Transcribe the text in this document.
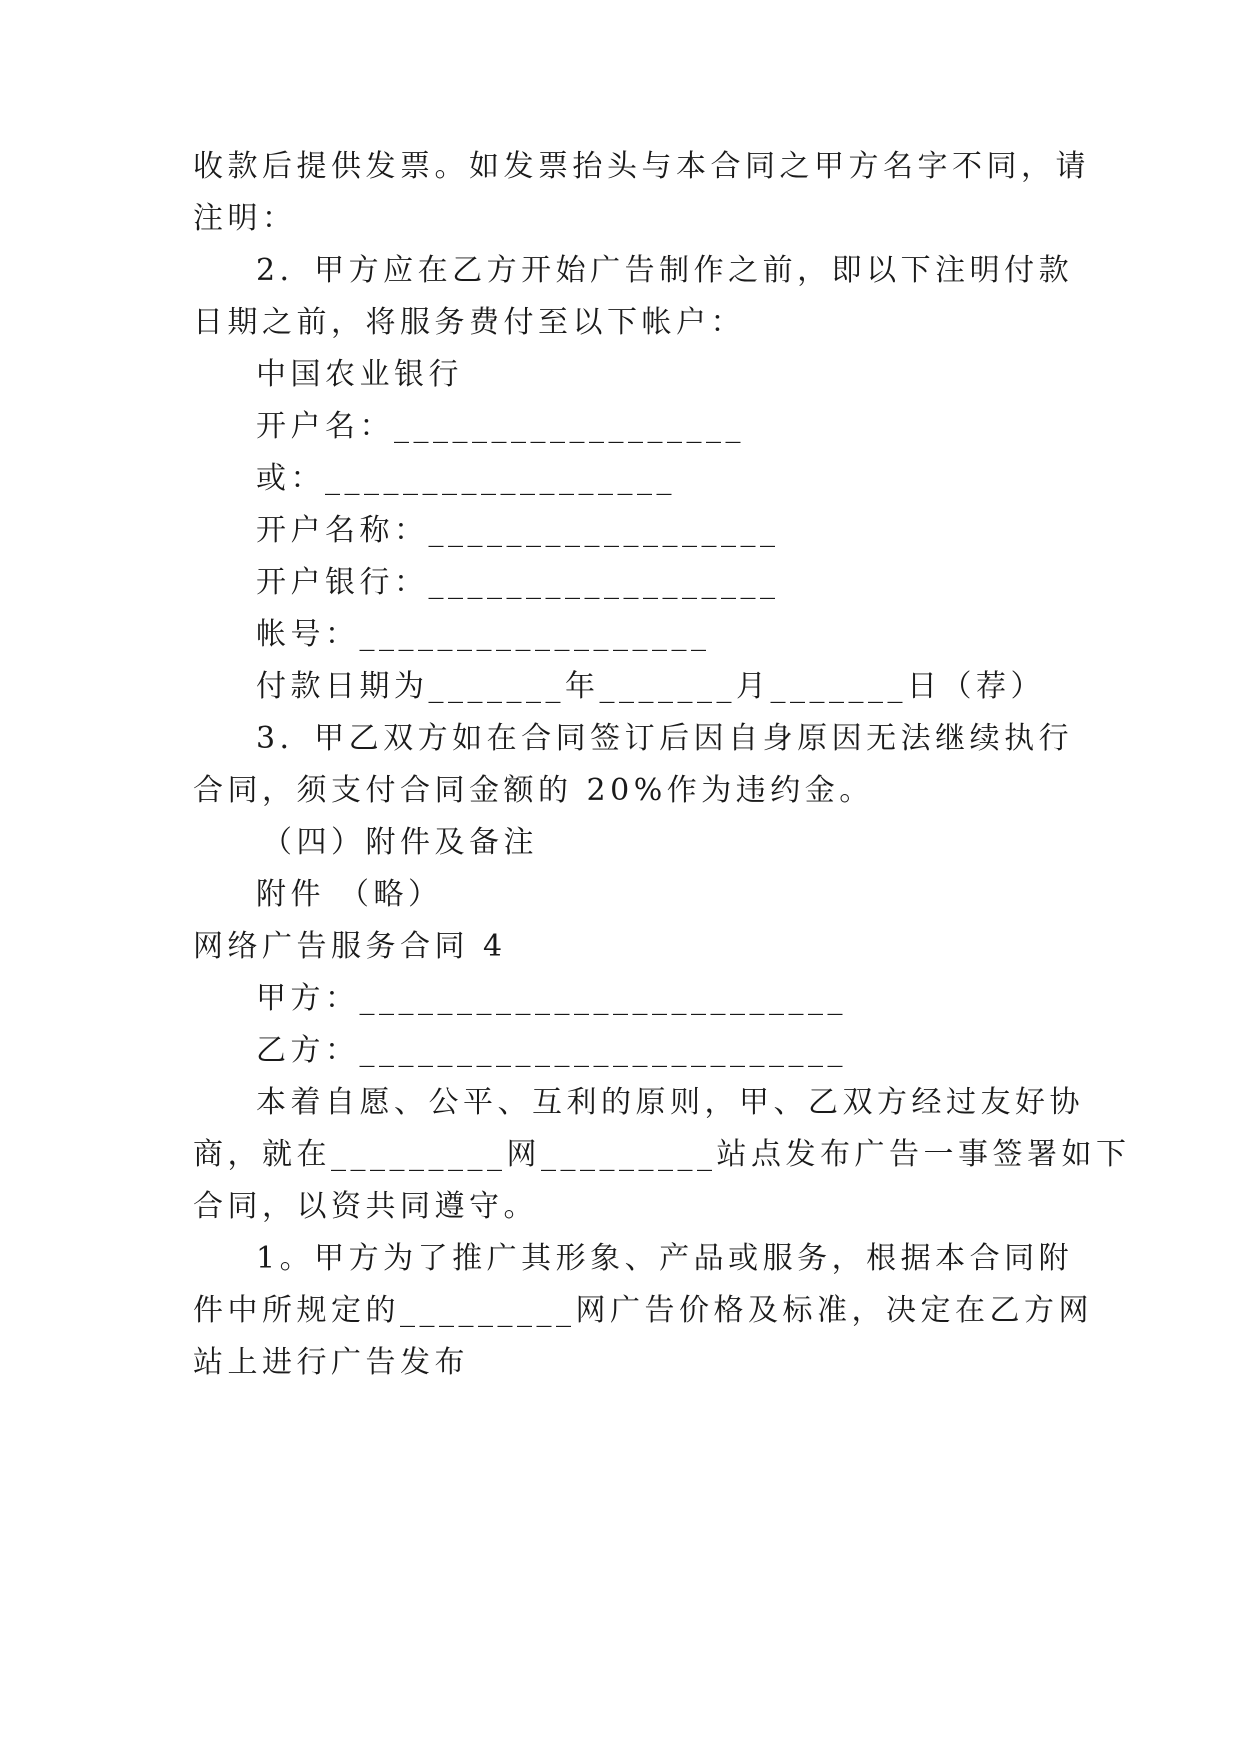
收款后提供发票。如发票抬头与本合同之甲方名字不同，请
注明：
2．甲方应在乙方开始广告制作之前，即以下注明付款
日期之前，将服务费付至以下帐户：
中国农业银行
开户名：__________________
或：__________________
开户名称：__________________
开户银行：__________________
帐号：__________________
付款日期为_______年_______月_______日（荐）
3．甲乙双方如在合同签订后因自身原因无法继续执行
合同，须支付合同金额的 20%作为违约金。
（四）附件及备注
附件 （略）
网络广告服务合同 4
甲方：_________________________
乙方：_________________________
本着自愿、公平、互利的原则，甲、乙双方经过友好协
商，就在_________网_________站点发布广告一事签署如下
合同，以资共同遵守。
1。甲方为了推广其形象、产品或服务，根据本合同附
件中所规定的_________网广告价格及标准，决定在乙方网
站上进行广告发布
